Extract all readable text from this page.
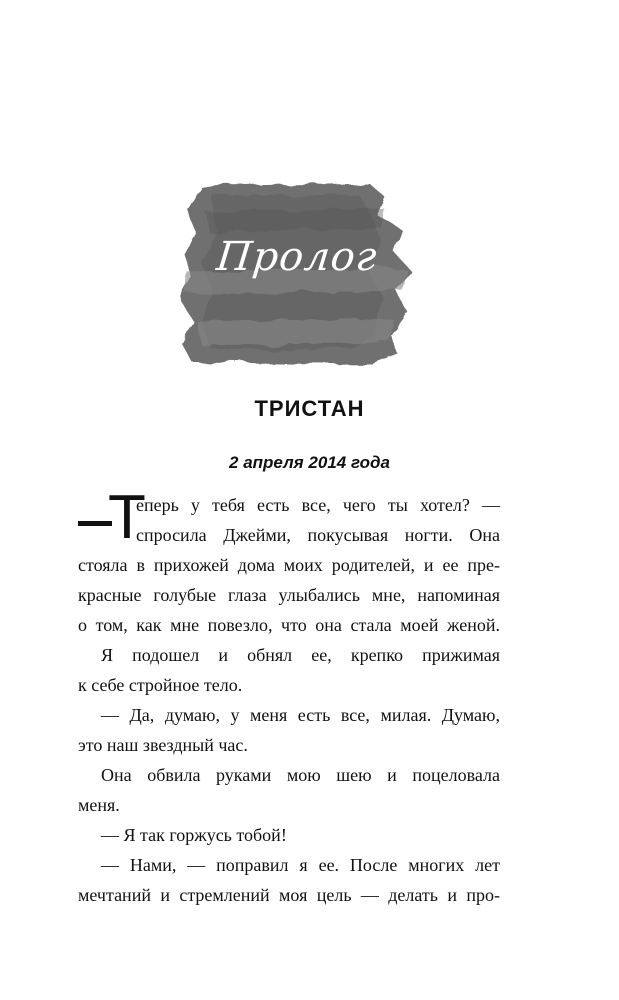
Пролог
ТРИСТАН
2 апреля 2014 года
Т
еперь у тебя есть все, чего ты хотел? —
спросила Джейми, покусывая ногти. Она
стояла в прихожей дома моих родителей, и ее пре-
красные голубые глаза улыбались мне, напоминая
о том, как мне повезло, что она стала моей женой.
Я подошел и обнял ее, крепко прижимая
к себе стройное тело.
— Да, думаю, у меня есть все, милая. Думаю,
это наш звездный час.
Она обвила руками мою шею и поцеловала
меня.
— Я так горжусь тобой!
— Нами, — поправил я ее. После многих лет
мечтаний и стремлений моя цель — делать и про-
